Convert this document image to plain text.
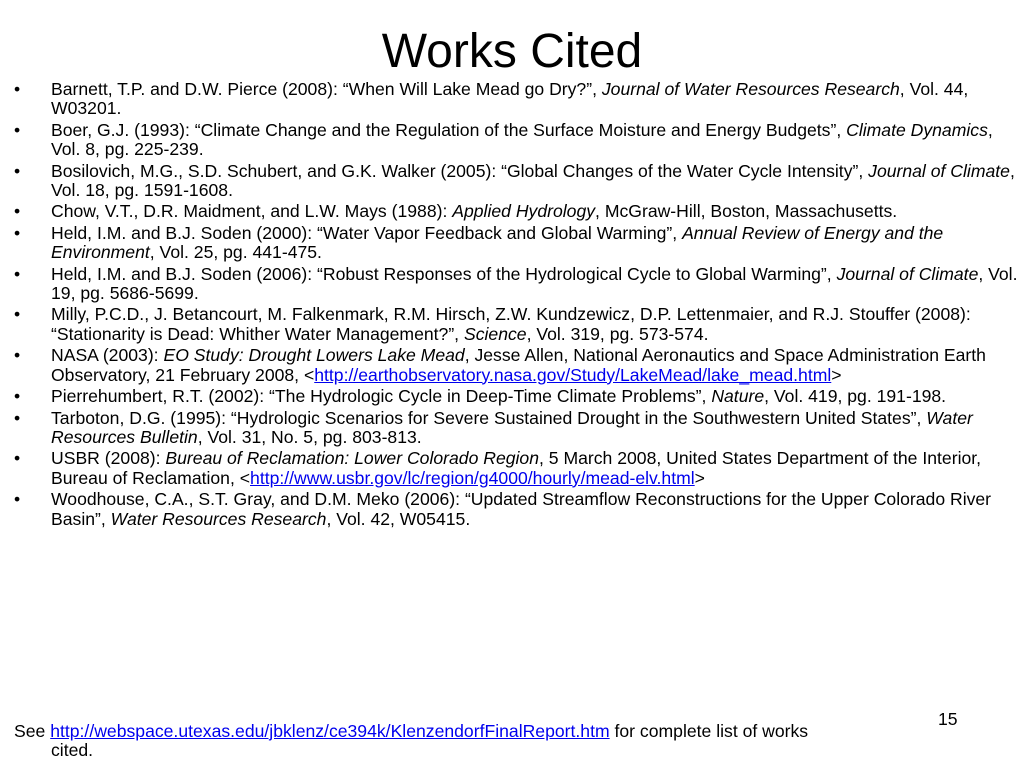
Works Cited
• Barnett, T.P. and D.W. Pierce (2008): “When Will Lake Mead go Dry?”, Journal of Water Resources Research, Vol. 44, W03201.
• Boer, G.J. (1993): “Climate Change and the Regulation of the Surface Moisture and Energy Budgets”, Climate Dynamics, Vol. 8, pg. 225-239.
• Bosilovich, M.G., S.D. Schubert, and G.K. Walker (2005): “Global Changes of the Water Cycle Intensity”, Journal of Climate, Vol. 18, pg. 1591-1608.
• Chow, V.T., D.R. Maidment, and L.W. Mays (1988): Applied Hydrology, McGraw-Hill, Boston, Massachusetts.
• Held, I.M. and B.J. Soden (2000): “Water Vapor Feedback and Global Warming”, Annual Review of Energy and the Environment, Vol. 25, pg. 441-475.
• Held, I.M. and B.J. Soden (2006): “Robust Responses of the Hydrological Cycle to Global Warming”, Journal of Climate, Vol. 19, pg. 5686-5699.
• Milly, P.C.D., J. Betancourt, M. Falkenmark, R.M. Hirsch, Z.W. Kundzewicz, D.P. Lettenmaier, and R.J. Stouffer (2008): “Stationarity is Dead: Whither Water Management?”, Science, Vol. 319, pg. 573-574.
• NASA (2003): EO Study: Drought Lowers Lake Mead, Jesse Allen, National Aeronautics and Space Administration Earth Observatory, 21 February 2008, <http://earthobservatory.nasa.gov/Study/LakeMead/lake_mead.html>
• Pierrehumbert, R.T. (2002): “The Hydrologic Cycle in Deep-Time Climate Problems”, Nature, Vol. 419, pg. 191-198.
• Tarboton, D.G. (1995): “Hydrologic Scenarios for Severe Sustained Drought in the Southwestern United States”, Water Resources Bulletin, Vol. 31, No. 5, pg. 803-813.
• USBR (2008): Bureau of Reclamation: Lower Colorado Region, 5 March 2008, United States Department of the Interior, Bureau of Reclamation, <http://www.usbr.gov/lc/region/g4000/hourly/mead-elv.html>
• Woodhouse, C.A., S.T. Gray, and D.M. Meko (2006): “Updated Streamflow Reconstructions for the Upper Colorado River Basin”, Water Resources Research, Vol. 42, W05415.
15
See http://webspace.utexas.edu/jbklenz/ce394k/KlenzendorfFinalReport.htm for complete list of works
cited.
